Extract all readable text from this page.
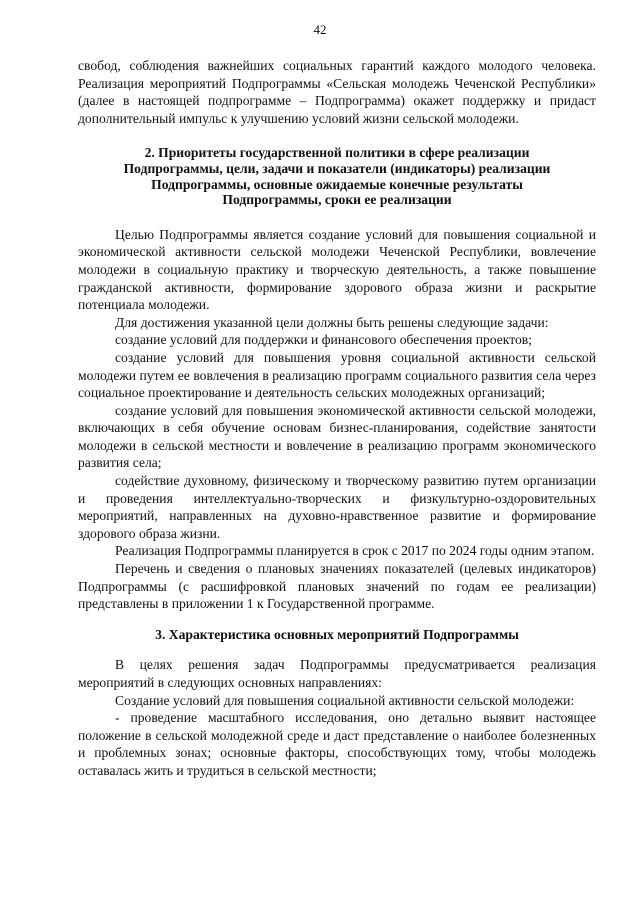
42

свобод, соблюдения важнейших социальных гарантий каждого молодого человека. Реализация мероприятий Подпрограммы «Сельская молодежь Чеченской Республики» (далее в настоящей подпрограмме – Подпрограмма) окажет поддержку и придаст дополнительный импульс к улучшению условий жизни сельской молодежи.

2. Приоритеты государственной политики в сфере реализации

Подпрограммы, цели, задачи и показатели (индикаторы) реализации

Подпрограммы, основные ожидаемые конечные результаты

Подпрограммы, сроки ее реализации

Целью Подпрограммы является создание условий для повышения социальной и экономической активности сельской молодежи Чеченской Республики, вовлечение молодежи в социальную практику и творческую деятельность, а также повышение гражданской активности, формирование здорового образа жизни и раскрытие потенциала молодежи.

Для достижения указанной цели должны быть решены следующие задачи:

создание условий для поддержки и финансового обеспечения проектов;

создание условий для повышения уровня социальной активности сельской молодежи путем ее вовлечения в реализацию программ социального развития села через социальное проектирование и деятельность сельских молодежных организаций;

создание условий для повышения экономической активности сельской молодежи, включающих в себя обучение основам бизнес-планирования, содействие занятости молодежи в сельской местности и вовлечение в реализацию программ экономического развития села;

содействие духовному, физическому и творческому развитию путем организации и проведения интеллектуально-творческих и физкультурно-оздоровительных мероприятий, направленных на духовно-нравственное развитие и формирование здорового образа жизни.

Реализация Подпрограммы планируется в срок с 2017 по 2024 годы одним этапом.

Перечень и сведения о плановых значениях показателей (целевых индикаторов) Подпрограммы (с расшифровкой плановых значений по годам ее реализации) представлены в приложении 1 к Государственной программе.

3. Характеристика основных мероприятий Подпрограммы

В целях решения задач Подпрограммы предусматривается реализация мероприятий в следующих основных направлениях:

Создание условий для повышения социальной активности сельской молодежи:

- проведение масштабного исследования, оно детально выявит настоящее положение в сельской молодежной среде и даст представление о наиболее болезненных и проблемных зонах; основные факторы, способствующих тому, чтобы молодежь оставалась жить и трудиться в сельской местности;
